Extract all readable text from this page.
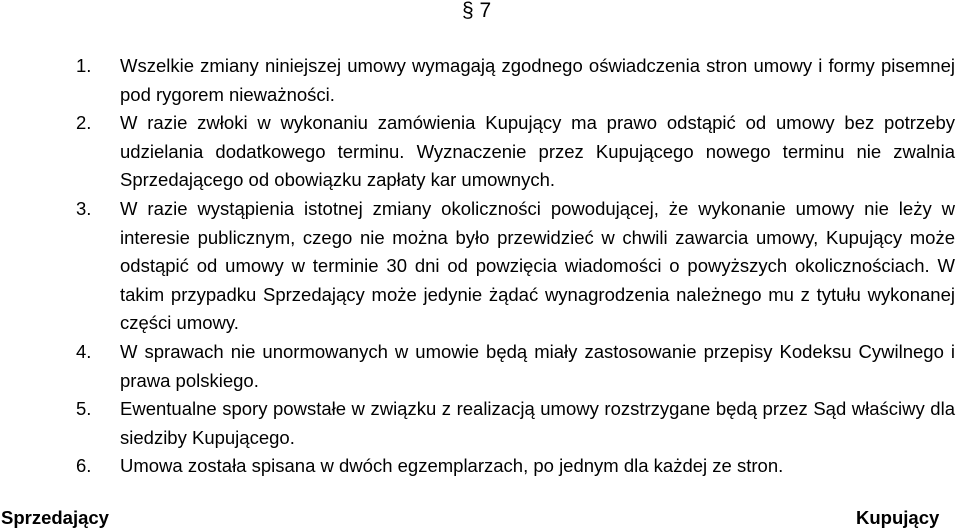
§ 7
1. Wszelkie zmiany niniejszej umowy wymagają zgodnego oświadczenia stron umowy i formy pisemnej pod rygorem nieważności.
2. W razie zwłoki w wykonaniu zamówienia Kupujący ma prawo odstąpić od umowy bez potrzeby udzielania dodatkowego terminu. Wyznaczenie przez Kupującego nowego terminu nie zwalnia Sprzedającego od obowiązku zapłaty kar umownych.
3. W razie wystąpienia istotnej zmiany okoliczności powodującej, że wykonanie umowy nie leży w interesie publicznym, czego nie można było przewidzieć w chwili zawarcia umowy, Kupujący może odstąpić od umowy w terminie 30 dni od powzięcia wiadomości o powyższych okolicznościach. W takim przypadku Sprzedający może jedynie żądać wynagrodzenia należnego mu z tytułu wykonanej części umowy.
4. W sprawach nie unormowanych w umowie będą miały zastosowanie przepisy Kodeksu Cywilnego i prawa polskiego.
5. Ewentualne spory powstałe w związku z realizacją umowy rozstrzygane będą przez Sąd właściwy dla siedziby Kupującego.
6. Umowa została spisana w dwóch egzemplarzach, po jednym dla każdej ze stron.
Sprzedający	Kupujący
